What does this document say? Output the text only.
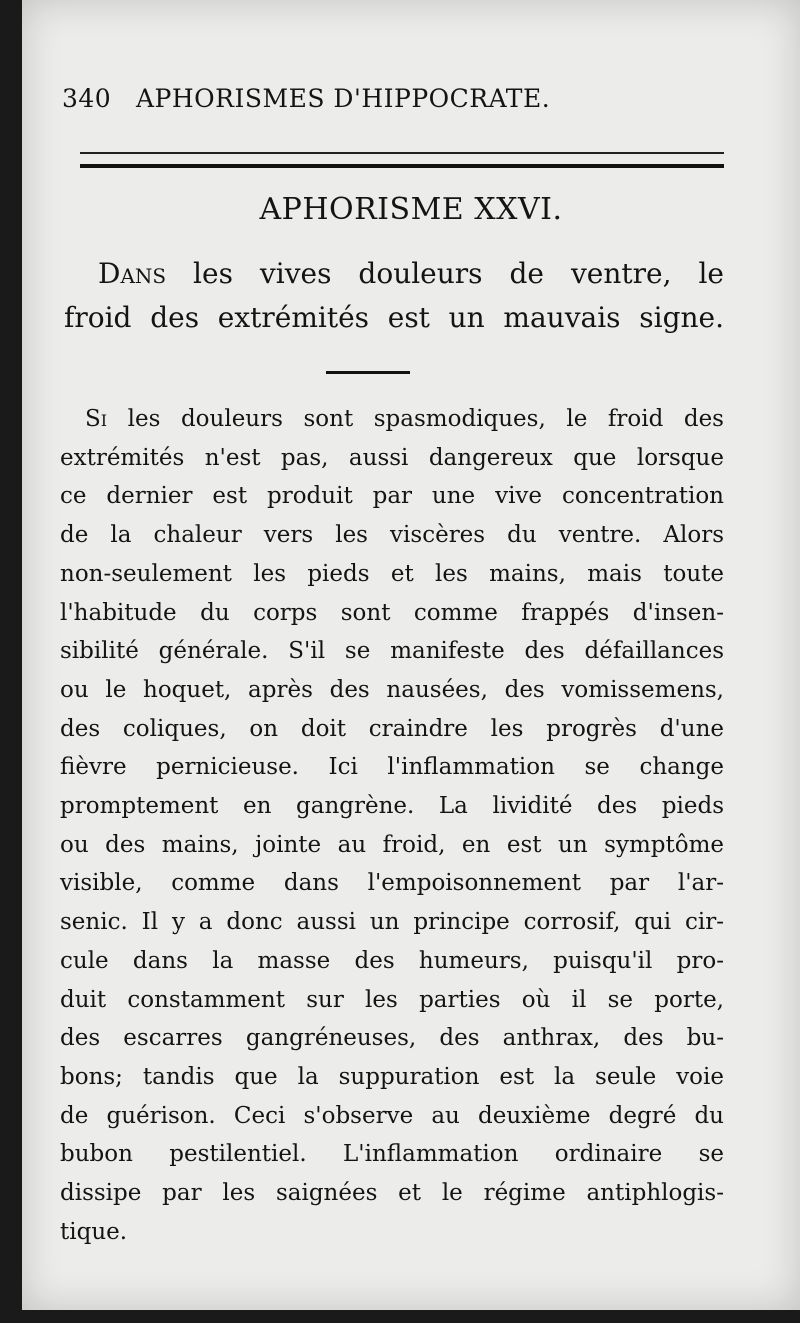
340 APHORISMES D'HIPPOCRATE.
APHORISME XXVI.
Dans les vives douleurs de ventre, le
froid des extrémités est un mauvais signe.
Si les douleurs sont spasmodiques, le froid des
extrémités n'est pas, aussi dangereux que lorsque
ce dernier est produit par une vive concentration
de la chaleur vers les viscères du ventre. Alors
non-seulement les pieds et les mains, mais toute
l'habitude du corps sont comme frappés d'insen-
sibilité générale. S'il se manifeste des défaillances
ou le hoquet, après des nausées, des vomissemens,
des coliques, on doit craindre les progrès d'une
fièvre pernicieuse. Ici l'inflammation se change
promptement en gangrène. La lividité des pieds
ou des mains, jointe au froid, en est un symptôme
visible, comme dans l'empoisonnement par l'ar-
senic. Il y a donc aussi un principe corrosif, qui cir-
cule dans la masse des humeurs, puisqu'il pro-
duit constamment sur les parties où il se porte,
des escarres gangréneuses, des anthrax, des bu-
bons; tandis que la suppuration est la seule voie
de guérison. Ceci s'observe au deuxième degré du
bubon pestilentiel. L'inflammation ordinaire se
dissipe par les saignées et le régime antiphlogis-
tique.
